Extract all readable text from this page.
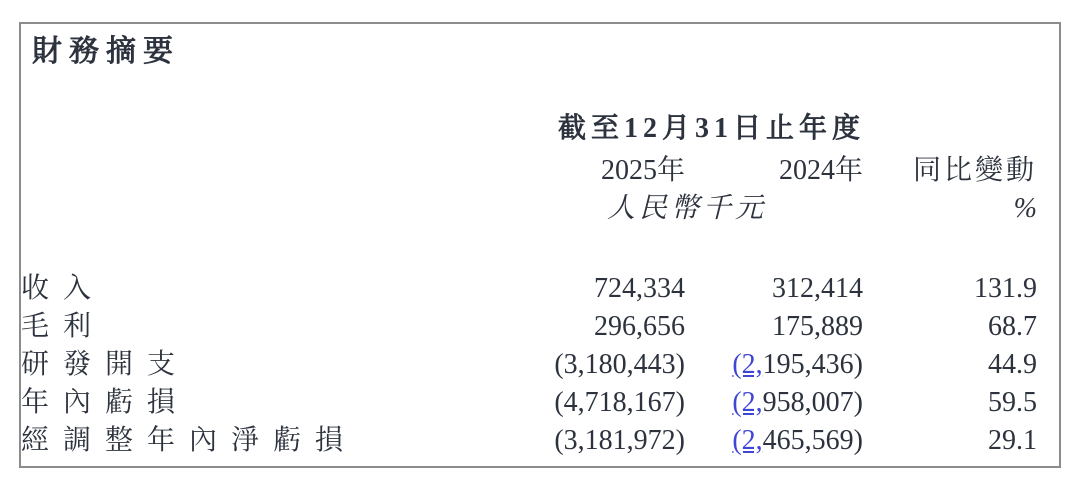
財務摘要
截至12月31日止年度
	2025年	2024年	同比變動
	人民幣千元		%

收入	724,334	312,414	131.9
毛利	296,656	175,889	68.7
研發開支	(3,180,443)	(2,195,436)	44.9
年內虧損	(4,718,167)	(2,958,007)	59.5
經調整年內淨虧損	(3,181,972)	(2,465,569)	29.1
